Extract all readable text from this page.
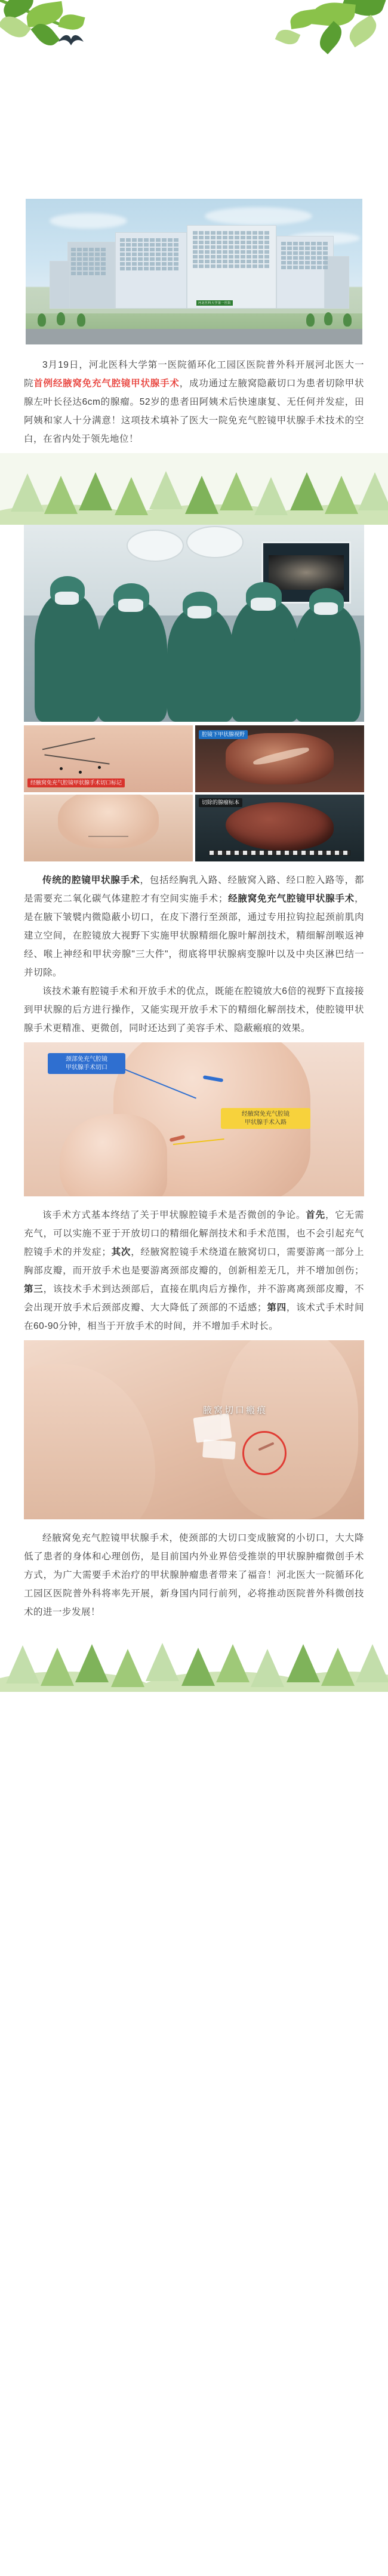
河北医科大学第一医院

3月19日，河北医科大学第一医院循环化工园区医院普外科开展河北医大一院首例经腋窝免充气腔镜甲状腺手术，成功通过左腋窝隐蔽切口为患者切除甲状腺左叶长径达6cm的腺瘤。52岁的患者田阿姨术后快速康复、无任何并发症，田阿姨和家人十分满意！这项技术填补了医大一院免充气腔镜甲状腺手术技术的空白，在省内处于领先地位！

经腋窝免充气腔镜甲状腺手术切口标记
腔镜下甲状腺视野
切除的腺瘤标本

传统的腔镜甲状腺手术，包括经胸乳入路、经腋窝入路、经口腔入路等，都是需要充二氧化碳气体建腔才有空间实施手术；经腋窝免充气腔镜甲状腺手术，是在腋下皱襞内微隐蔽小切口，在皮下潜行至颈部，通过专用拉钩拉起颈前肌肉建立空间，在腔镜放大视野下实施甲状腺精细化腺叶解剖技术，精细解剖喉返神经、喉上神经和甲状旁腺"三大件"，彻底将甲状腺病变腺叶以及中央区淋巴结一并切除。

该技术兼有腔镜手术和开放手术的优点，既能在腔镜放大6倍的视野下直接接到甲状腺的后方进行操作，又能实现开放手术下的精细化解剖技术，使腔镜甲状腺手术更精准、更微创，同时还达到了美容手术、隐蔽瘢痕的效果。

颈部免充气腔镜
甲状腺手术切口
经腋窝免充气腔镜
甲状腺手术入路

该手术方式基本终结了关于甲状腺腔镜手术是否微创的争论。首先，它无需充气，可以实施不亚于开放切口的精细化解剖技术和手术范围，也不会引起充气腔镜手术的并发症；其次，经腋窝腔镜手术绕道在腋窝切口，需要游离一部分上胸部皮瓣，而开放手术也是要游离颈部皮瓣的，创新相差无几，并不增加创伤；第三，该技术手术到达颈部后，直接在肌肉后方操作，并不游离离颈部皮瓣，不会出现开放手术后颈部皮瓣、大大降低了颈部的不适感；第四，该术式手术时间在60-90分钟，相当于开放手术的时间，并不增加手术时长。

腋窝切口瘢痕

经腋窝免充气腔镜甲状腺手术，使颈部的大切口变成腋窝的小切口，大大降低了患者的身体和心理创伤，是目前国内外业界倍受推崇的甲状腺肿瘤微创手术方式，为广大需要手术治疗的甲状腺肿瘤患者带来了福音！河北医大一院循环化工园区医院普外科将率先开展，新身国内同行前列，必将推动医院普外科微创技术的进一步发展！
